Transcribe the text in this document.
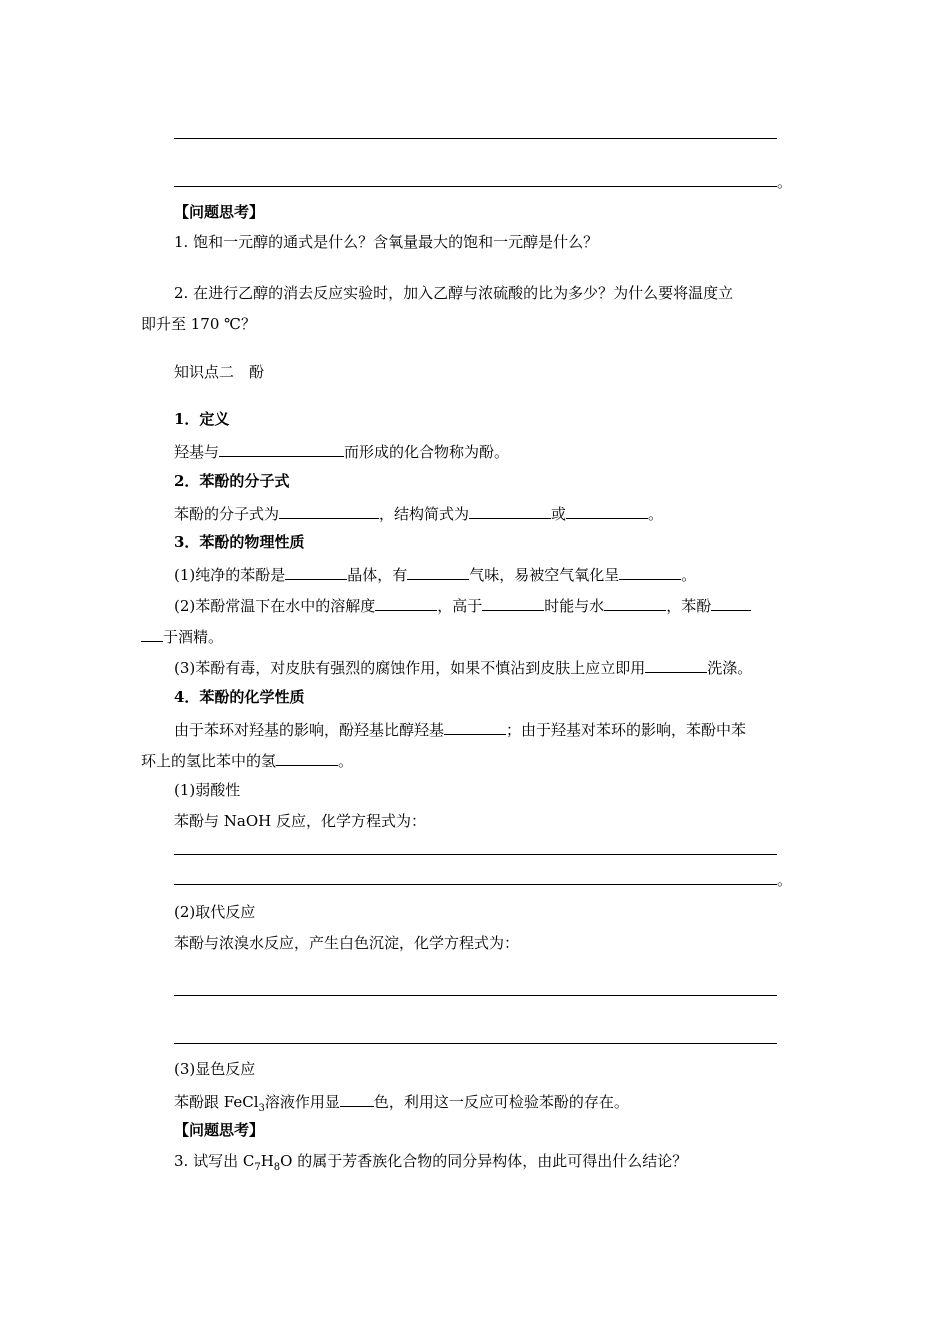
。
【问题思考】
1. 饱和一元醇的通式是什么？含氧量最大的饱和一元醇是什么？
2. 在进行乙醇的消去反应实验时，加入乙醇与浓硫酸的比为多少？为什么要将温度立
即升至 170 ℃？
知识点二　酚
1．定义
羟基与	而形成的化合物称为酚。
2．苯酚的分子式
苯酚的分子式为	，结构简式为	或	。
3．苯酚的物理性质
(1)纯净的苯酚是	晶体，有	气味，易被空气氧化呈	。
(2)苯酚常温下在水中的溶解度	，高于	时能与水	，苯酚
于酒精。
(3)苯酚有毒，对皮肤有强烈的腐蚀作用，如果不慎沾到皮肤上应立即用	洗涤。
4．苯酚的化学性质
由于苯环对羟基的影响，酚羟基比醇羟基	；由于羟基对苯环的影响，苯酚中苯
环上的氢比苯中的氢	。
(1)弱酸性
苯酚与 NaOH 反应，化学方程式为：
。
(2)取代反应
苯酚与浓溴水反应，产生白色沉淀，化学方程式为：
(3)显色反应
苯酚跟 FeCl$_3$溶液作用显 色，利用这一反应可检验苯酚的存在。
【问题思考】
3. 试写出 $C_7H_8O$ 的属于芳香族化合物的同分异构体，由此可得出什么结论？
